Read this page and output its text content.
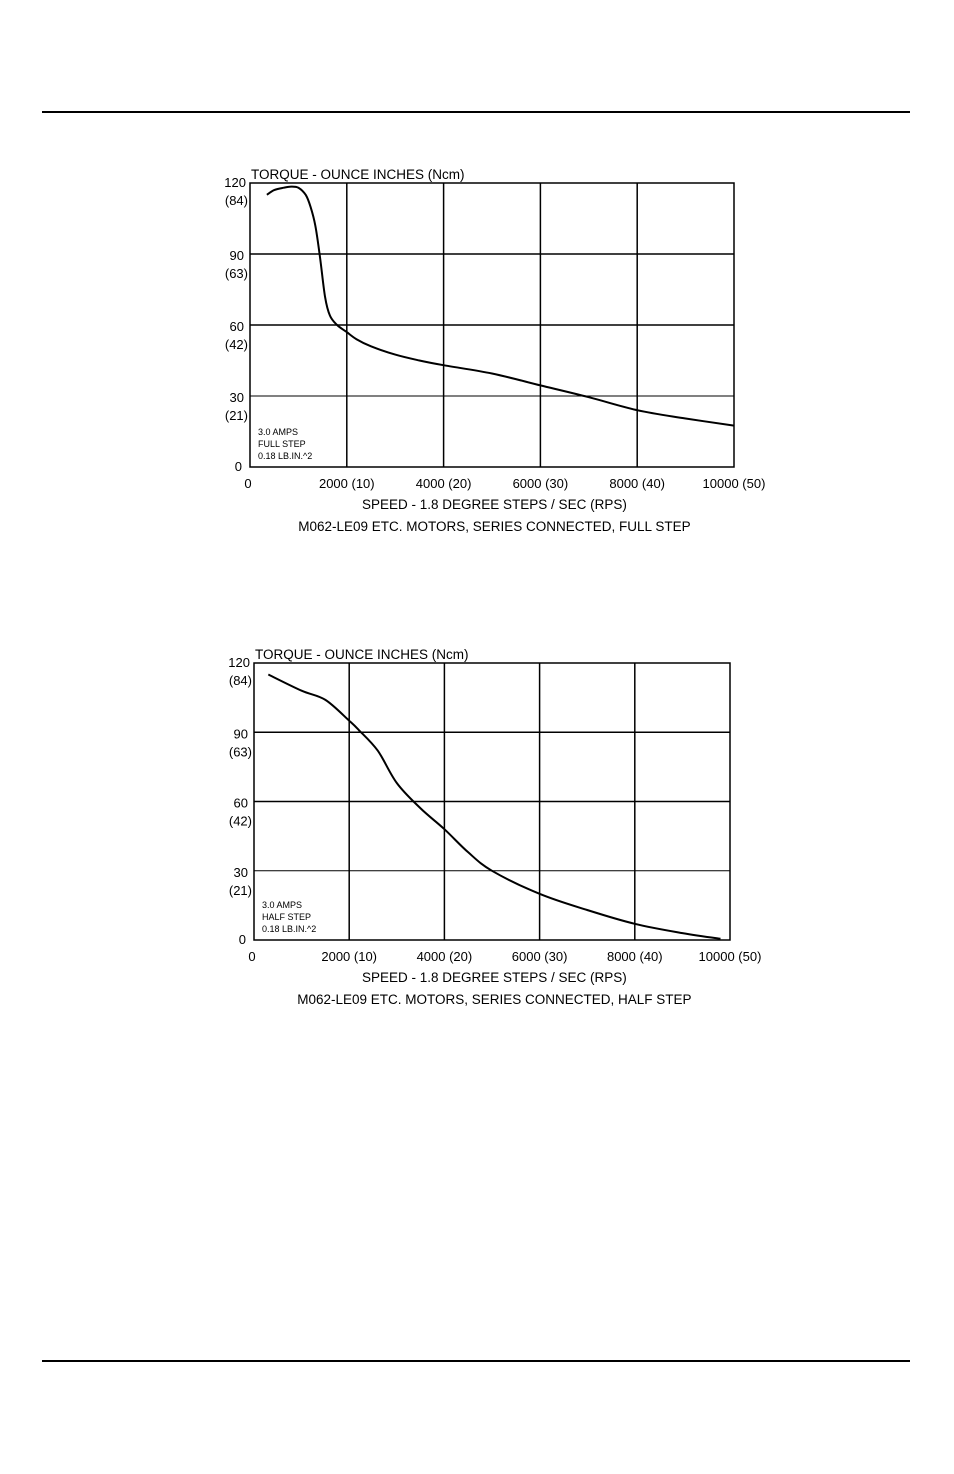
TORQUE - OUNCE INCHES (Ncm)
120
(84)
90
(63)
60
(42)
30
(21)
0
0	2000 (10)	4000 (20)	6000 (30)	8000 (40)	10000 (50)
SPEED - 1.8 DEGREE STEPS / SEC (RPS)
M062-LE09 ETC. MOTORS, SERIES CONNECTED, FULL STEP
3.0 AMPS
FULL STEP
0.18 LB.IN.^2
TORQUE - OUNCE INCHES (Ncm)
120
(84)
90
(63)
60
(42)
30
(21)
0
0	2000 (10)	4000 (20)	6000 (30)	8000 (40)	10000 (50)
SPEED - 1.8 DEGREE STEPS / SEC (RPS)
M062-LE09 ETC. MOTORS, SERIES CONNECTED, HALF STEP
3.0 AMPS
HALF STEP
0.18 LB.IN.^2
